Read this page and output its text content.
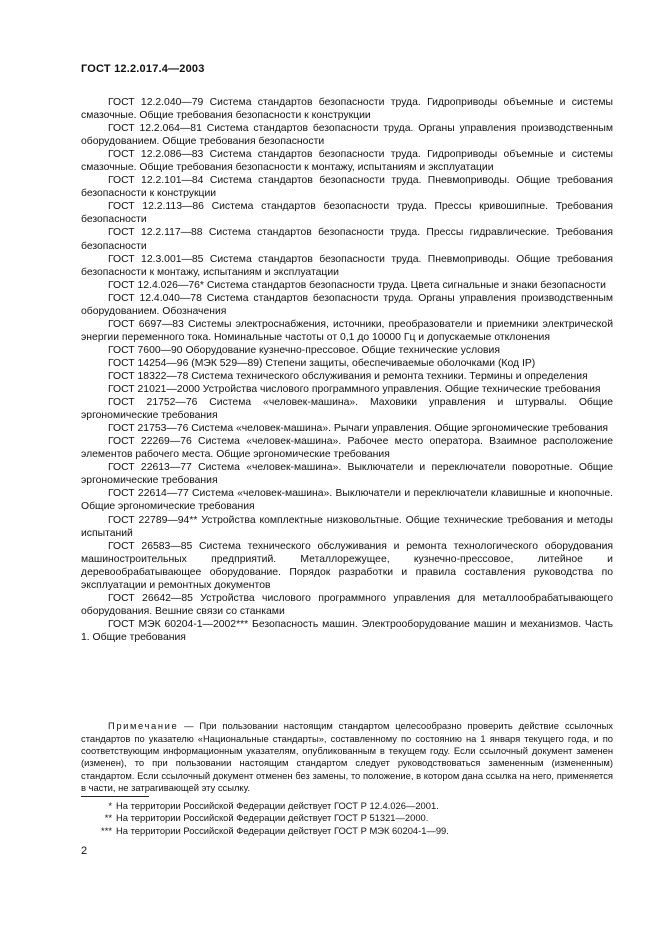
ГОСТ 12.2.017.4—2003

ГОСТ 12.2.040—79 Система стандартов безопасности труда. Гидроприводы объемные и системы смазочные. Общие требования безопасности к конструкции

ГОСТ 12.2.064—81 Система стандартов безопасности труда. Органы управления производственным оборудованием. Общие требования безопасности

ГОСТ 12.2.086—83 Система стандартов безопасности труда. Гидроприводы объемные и системы смазочные. Общие требования безопасности к монтажу, испытаниям и эксплуатации

ГОСТ 12.2.101—84 Система стандартов безопасности труда. Пневмоприводы. Общие требования безопасности к конструкции

ГОСТ 12.2.113—86 Система стандартов безопасности труда. Прессы кривошипные. Требования безопасности

ГОСТ 12.2.117—88 Система стандартов безопасности труда. Прессы гидравлические. Требования безопасности

ГОСТ 12.3.001—85 Система стандартов безопасности труда. Пневмоприводы. Общие требования безопасности к монтажу, испытаниям и эксплуатации

ГОСТ 12.4.026—76* Система стандартов безопасности труда. Цвета сигнальные и знаки безопасности

ГОСТ 12.4.040—78 Система стандартов безопасности труда. Органы управления производственным оборудованием. Обозначения

ГОСТ 6697—83 Системы электроснабжения, источники, преобразователи и приемники электрической энергии переменного тока. Номинальные частоты от 0,1 до 10000 Гц и допускаемые отклонения

ГОСТ 7600—90 Оборудование кузнечно-прессовое. Общие технические условия

ГОСТ 14254—96 (МЭК 529—89) Степени защиты, обеспечиваемые оболочками (Код IP)

ГОСТ 18322—78 Система технического обслуживания и ремонта техники. Термины и определения

ГОСТ 21021—2000 Устройства числового программного управления. Общие технические требования

ГОСТ 21752—76 Система «человек-машина». Маховики управления и штурвалы. Общие эргономические требования

ГОСТ 21753—76 Система «человек-машина». Рычаги управления. Общие эргономические требования

ГОСТ 22269—76 Система «человек-машина». Рабочее место оператора. Взаимное расположение элементов рабочего места. Общие эргономические требования

ГОСТ 22613—77 Система «человек-машина». Выключатели и переключатели поворотные. Общие эргономические требования

ГОСТ 22614—77 Система «человек-машина». Выключатели и переключатели клавишные и кнопочные. Общие эргономические требования

ГОСТ 22789—94** Устройства комплектные низковольтные. Общие технические требования и методы испытаний

ГОСТ 26583—85 Система технического обслуживания и ремонта технологического оборудования машиностроительных предприятий. Металлорежущее, кузнечно-прессовое, литейное и деревообрабатывающее оборудование. Порядок разработки и правила составления руководства по эксплуатации и ремонтных документов

ГОСТ 26642—85 Устройства числового программного управления для металлообрабатывающего оборудования. Вешние связи со станками

ГОСТ МЭК 60204-1—2002*** Безопасность машин. Электрооборудование машин и механизмов. Часть 1. Общие требования

Примечание — При пользовании настоящим стандартом целесообразно проверить действие ссылочных стандартов по указателю «Национальные стандарты», составленному по состоянию на 1 января текущего года, и по соответствующим информационным указателям, опубликованным в текущем году. Если ссылочный документ заменен (изменен), то при пользовании настоящим стандартом следует руководствоваться замененным (измененным) стандартом. Если ссылочный документ отменен без замены, то положение, в котором дана ссылка на него, применяется в части, не затрагивающей эту ссылку.

* На территории Российской Федерации действует ГОСТ Р 12.4.026—2001.
** На территории Российской Федерации действует ГОСТ Р 51321—2000.
*** На территории Российской Федерации действует ГОСТ Р МЭК 60204-1—99.
2
